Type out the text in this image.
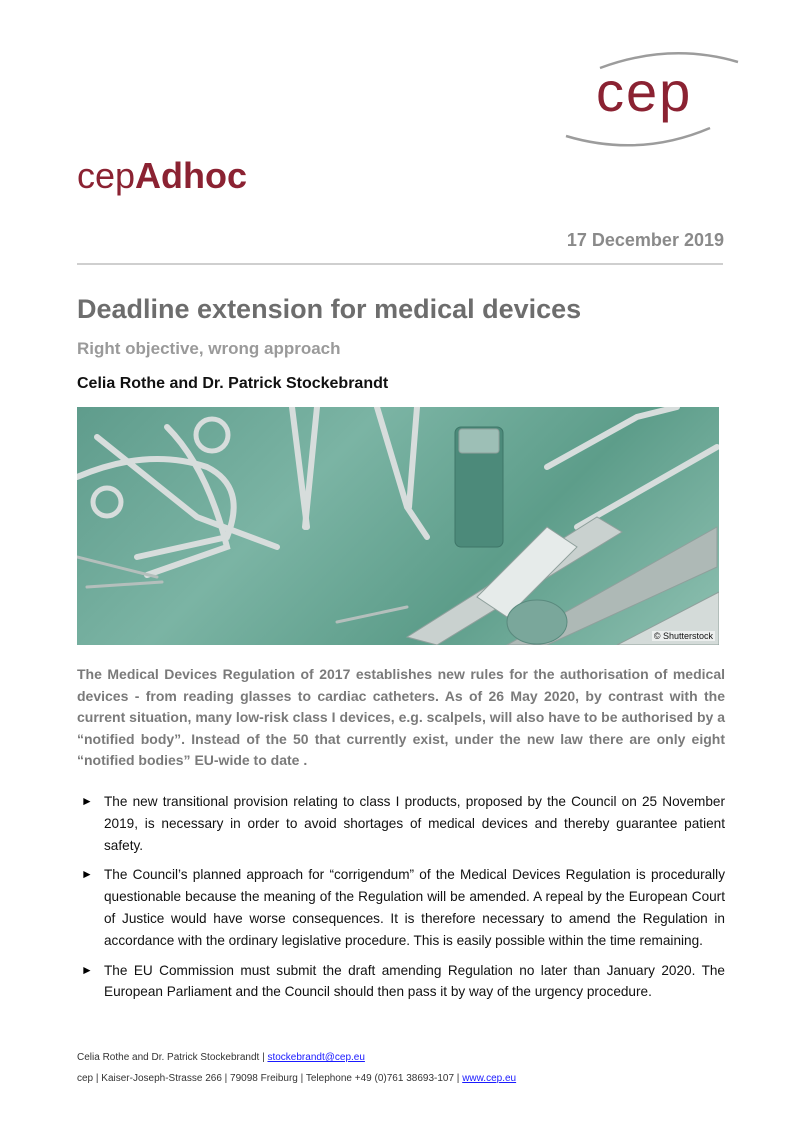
cep
cepAdhoc
17 December 2019
Deadline extension for medical devices
Right objective, wrong approach
Celia Rothe and Dr. Patrick Stockebrandt
© Shutterstock
The Medical Devices Regulation of 2017 establishes new rules for the authorisation of medical devices - from reading glasses to cardiac catheters. As of 26 May 2020, by contrast with the current situation, many low-risk class I devices, e.g. scalpels, will also have to be authorised by a “notified body”. Instead of the 50 that currently exist, under the new law there are only eight “notified bodies” EU-wide to date .
► The new transitional provision relating to class I products, proposed by the Council on 25 November 2019, is necessary in order to avoid shortages of medical devices and thereby guarantee patient safety.
► The Council’s planned approach for “corrigendum” of the Medical Devices Regulation is procedurally questionable because the meaning of the Regulation will be amended. A repeal by the European Court of Justice would have worse consequences. It is therefore necessary to amend the Regulation in accordance with the ordinary legislative procedure. This is easily possible within the time remaining.
► The EU Commission must submit the draft amending Regulation no later than January 2020. The European Parliament and the Council should then pass it by way of the urgency procedure.
Celia Rothe and Dr. Patrick Stockebrandt | stockebrandt@cep.eu
cep | Kaiser-Joseph-Strasse 266 | 79098 Freiburg | Telephone +49 (0)761 38693-107 | www.cep.eu
